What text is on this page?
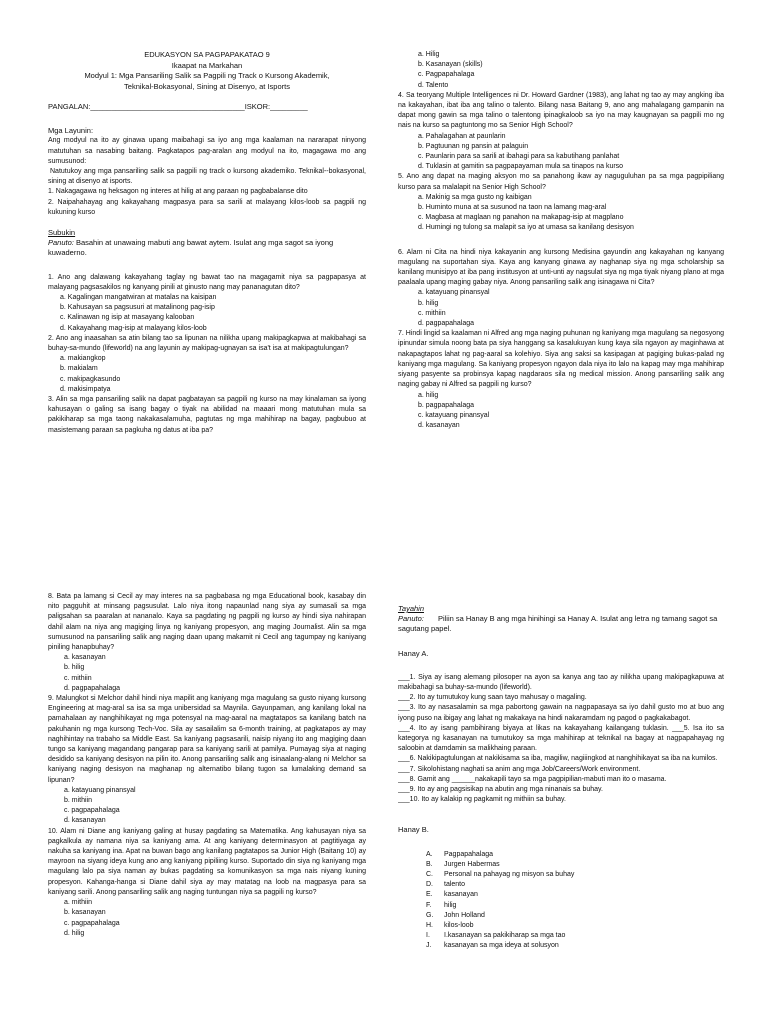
EDUKASYON SA PAGPAPAKATAO 9
Ikaapat na Markahan
Modyul 1: Mga Pansariling Salik sa Pagpili ng Track o Kursong Akademik,
Teknikal-Bokasyonal, Sining at Disenyo, at Isports
PANGALAN:_____________________________________ISKOR:_________
Mga Layunin:
Ang modyul na ito ay ginawa upang maibahagi sa iyo ang mga kaalaman na nararapat ninyong matutuhan sa nasabing baitang. Pagkatapos pag-aralan ang modyul na ito, magagawa mo ang sumusunod:
Natutukoy ang mga pansariling salik sa pagpili ng track o kursong akademiko. Teknikal--bokasyonal, sining at disenyo at isports.
1. Nakagagawa ng heksagon ng interes at hilig at ang paraan ng pagbabalanse dito
2. Naipahahayag ang kakayahang magpasya para sa sarili at malayang kilos-loob sa pagpili ng kukuning kurso
Subukin
Panuto: Basahin at unawaing mabuti ang bawat aytem. Isulat ang mga sagot sa iyong kuwaderno.
1. Ano ang dalawang kakayahang taglay ng bawat tao na magagamit niya sa pagpapasya at malayang pagsasakilos ng kanyang pinili at ginusto nang may pananagutan dito?
a. Kagalingan mangatwiran at matalas na kaisipan
b. Kahusayan sa pagsusuri at matalinong pag-isip
c. Kalinawan ng isip at masayang kalooban
d. Kakayahang mag-isip at malayang kilos-loob
2. Ano ang inaasahan sa atin bilang tao sa lipunan na nilikha upang makipagkapwa at makibahagi sa buhay-sa-mundo (lifeworld) na ang layunin ay makipag-ugnayan sa isa't isa at makipagtulungan?
a. makiangkop
b. makialam
c. makipagkasundo
d. makisimpatya
3. Alin sa mga pansariling salik na dapat pagbatayan sa pagpili ng kurso na may kinalaman sa iyong kahusayan o galing sa isang bagay o tiyak na abilidad na maaari mong matutuhan mula sa pakikiharap sa mga taong nakakasalamuha, pagtutas ng mga mahihirap na bagay, pagbubuo at masistemang paraan sa pagkuha ng datus at iba pa?
a. Hilig
b. Kasanayan (skills)
c. Pagpapahalaga
d. Talento
4. Sa teoryang Multiple Intelligences ni Dr. Howard Gardner (1983), ang lahat ng tao ay may angking iba na kakayahan, ibat iba ang talino o talento. Bilang nasa Baitang 9, ano ang mahalagang gampanin na dapat mong gawin sa mga talino o talentong ipinagkaloob sa iyo na may kaugnayan sa pagpili mo ng nais na kurso sa pagtuntong mo sa Senior High School?
a. Pahalagahan at paunlarin
b. Pagtuunan ng pansin at palaguin
c. Paunlarin para sa sarili at ibahagi para sa kabutihang panlahat
d. Tuklasin at gamitin sa pagpapayaman mula sa tinapos na kurso
5. Ano ang dapat na maging aksyon mo sa panahong ikaw ay naguguluhan pa sa mga pagpipiliang kurso para sa malalapit na Senior High School?
a. Makinig sa mga gusto ng kaibigan
b. Huminto muna at sa susunod na taon na lamang mag-aral
c. Magbasa at maglaan ng panahon na makapag-isip at magplano
d. Humingi ng tulong sa malapit sa iyo at umasa sa kanilang desisyon
6. Alam ni Cita na hindi niya kakayanin ang kursong Medisina gayundin ang kakayahan ng kanyang magulang na suportahan siya. Kaya ang kanyang ginawa ay naghanap siya ng mga scholarship sa kanilang munisipyo at iba pang institusyon at unti-unti ay nagsulat siya ng mga tiyak niyang plano at mga paalaala upang maging gabay niya. Anong pansariling salik ang isinagawa ni Cita?
a. katayuang pinansyal
b. hilig
c. mithiin
d. pagpapahalaga
7. Hindi lingid sa kaalaman ni Alfred ang mga naging puhunan ng kaniyang mga magulang sa negosyong ipinundar simula noong bata pa siya hanggang sa kasalukuyan kung kaya sila ngayon ay maginhawa at nakapagtapos lahat ng pag-aaral sa kolehiyo. Siya ang saksi sa kasipagan at pagiging bukas-palad ng kaniyang mga magulang. Sa kaniyang propesyon ngayon dala niya ito lalo na kapag may mga mahihirap siyang pasyente sa probinsya kapag nagdaraos sila ng medical mission. Anong pansariling salik ang naging gabay ni Alfred sa pagpili ng kurso?
a. hilig
b. pagpapahalaga
c. katayuang pinansyal
d. kasanayan
8. Bata pa lamang si Cecil ay may interes na sa pagbabasa ng mga Educational book, kasabay din nito pagguhit at minsang pagsusulat. Lalo niya itong napaunlad nang siya ay sumasali sa mga paligsahan sa paaralan at nananalo. Kaya sa pagdating ng pagpili ng kurso ay hindi siya nahirapan dahil alam na niya ang magiging linya ng kaniyang propesyon, ang maging Journalist. Alin sa mga sumusunod na pansariling salik ang naging daan upang makamit ni Cecil ang tagumpay ng kaniyang piniling hanapbuhay?
a. kasanayan
b. hilig
c. mithiin
d. pagpapahalaga
9. Malungkot si Melchor dahil hindi niya mapilit ang kaniyang mga magulang sa gusto niyang kursong Engineering at mag-aral sa isa sa mga unibersidad sa Maynila. Gayunpaman, ang kanilang lokal na pamahalaan ay nanghihikayat ng mga potensyal na mag-aaral na magtatapos sa kanilang batch na pakuhanin ng mga kursong Tech-Voc. Sila ay sasailalim sa 6-month training, at pagkatapos ay may naghihintay na trabaho sa Middle East. Sa kaniyang pagsasarili, naisip niyang ito ang magiging daan tungo sa kaniyang magandang pangarap para sa kaniyang sarili at pamilya. Pumayag siya at naging desidido sa kaniyang desisyon na pilin ito. Anong pansariling salik ang isinaalang-alang ni Melchor sa kaniyang naging desisyon na maghanap ng alternatibo bilang tugon sa lumalaking demand sa lipunan?
a. katayuang pinansyal
b. mithiin
c. pagpapahalaga
d. kasanayan
10. Alam ni Diane ang kaniyang galing at husay pagdating sa Matematika. Ang kahusayan niya sa pagkalkula ay namana niya sa kaniyang ama. At ang kaniyang determinasyon at pagtitiyaga ay nakuha sa kaniyang ina. Apat na buwan bago ang kanilang pagtatapos sa Junior High (Baitang 10) ay mayroon na siyang ideya kung ano ang kaniyang pipiliing kurso. Suportado din siya ng kaniyang mga magulang lalo pa siya naman ay bukas pagdating sa komunikasyon sa mga nais niyang kuning propesyon. Kahanga-hanga si Diane dahil siya ay may matatag na loob na magpasya para sa kaniyang sarili. Anong pansariling salik ang naging tuntungan niya sa pagpili ng kurso?
a. mithiin
b. kasanayan
c. pagpapahalaga
d. hilig
Tayahin
Panuto: Piliin sa Hanay B ang mga hinihingi sa Hanay A. Isulat ang letra ng tamang sagot sa sagutang papel.
Hanay A.
___1. Siya ay isang alemang pilosoper na ayon sa kanya ang tao ay nilikha upang makipagkapuwa at makibahagi sa buhay-sa-mundo (lifeworld).
___2. Ito ay tumutukoy kung saan tayo mahusay o magaling.
___3. Ito ay nasasalamin sa mga pabortong gawain na nagpapasaya sa iyo dahil gusto mo at buo ang iyong puso na ibigay ang lahat ng makakaya na hindi nakaramdam ng pagod o pagkakabagot.
___4. Ito ay isang pambihirang biyaya at likas na kakayahang kailangang tuklasin. ___5. Isa ito sa kategorya ng kasanayan na tumutukoy sa mga mahihirap at teknikal na bagay at nagpapahayag ng saloobin at damdamin sa malikhaing paraan.
___6. Nakikipagtulungan at nakikisama sa iba, magiliw, nagiiingkod at nanghihikayat sa iba na kumilos.
___7. Sikolohistang naghati sa anim ang mga Job/Careers/Work environment.
___8. Gamit ang ______nakakapili tayo sa mga pagpipilian-mabuti man ito o masama.
___9. Ito ay ang pagsisikap na abutin ang mga ninanais sa buhay.
___10. Ito ay kalakip ng pagkamit ng mithiin sa buhay.
Hanay B.
A. Pagpapahalaga
B. Jurgen Habermas
C. Personal na pahayag ng misyon sa buhay
D. talento
E. kasanayan
F. hilig
G. John Holland
H. kilos-loob
I. I.kasanayan sa pakikiharap sa mga tao
J. kasanayan sa mga ideya at solusyon
